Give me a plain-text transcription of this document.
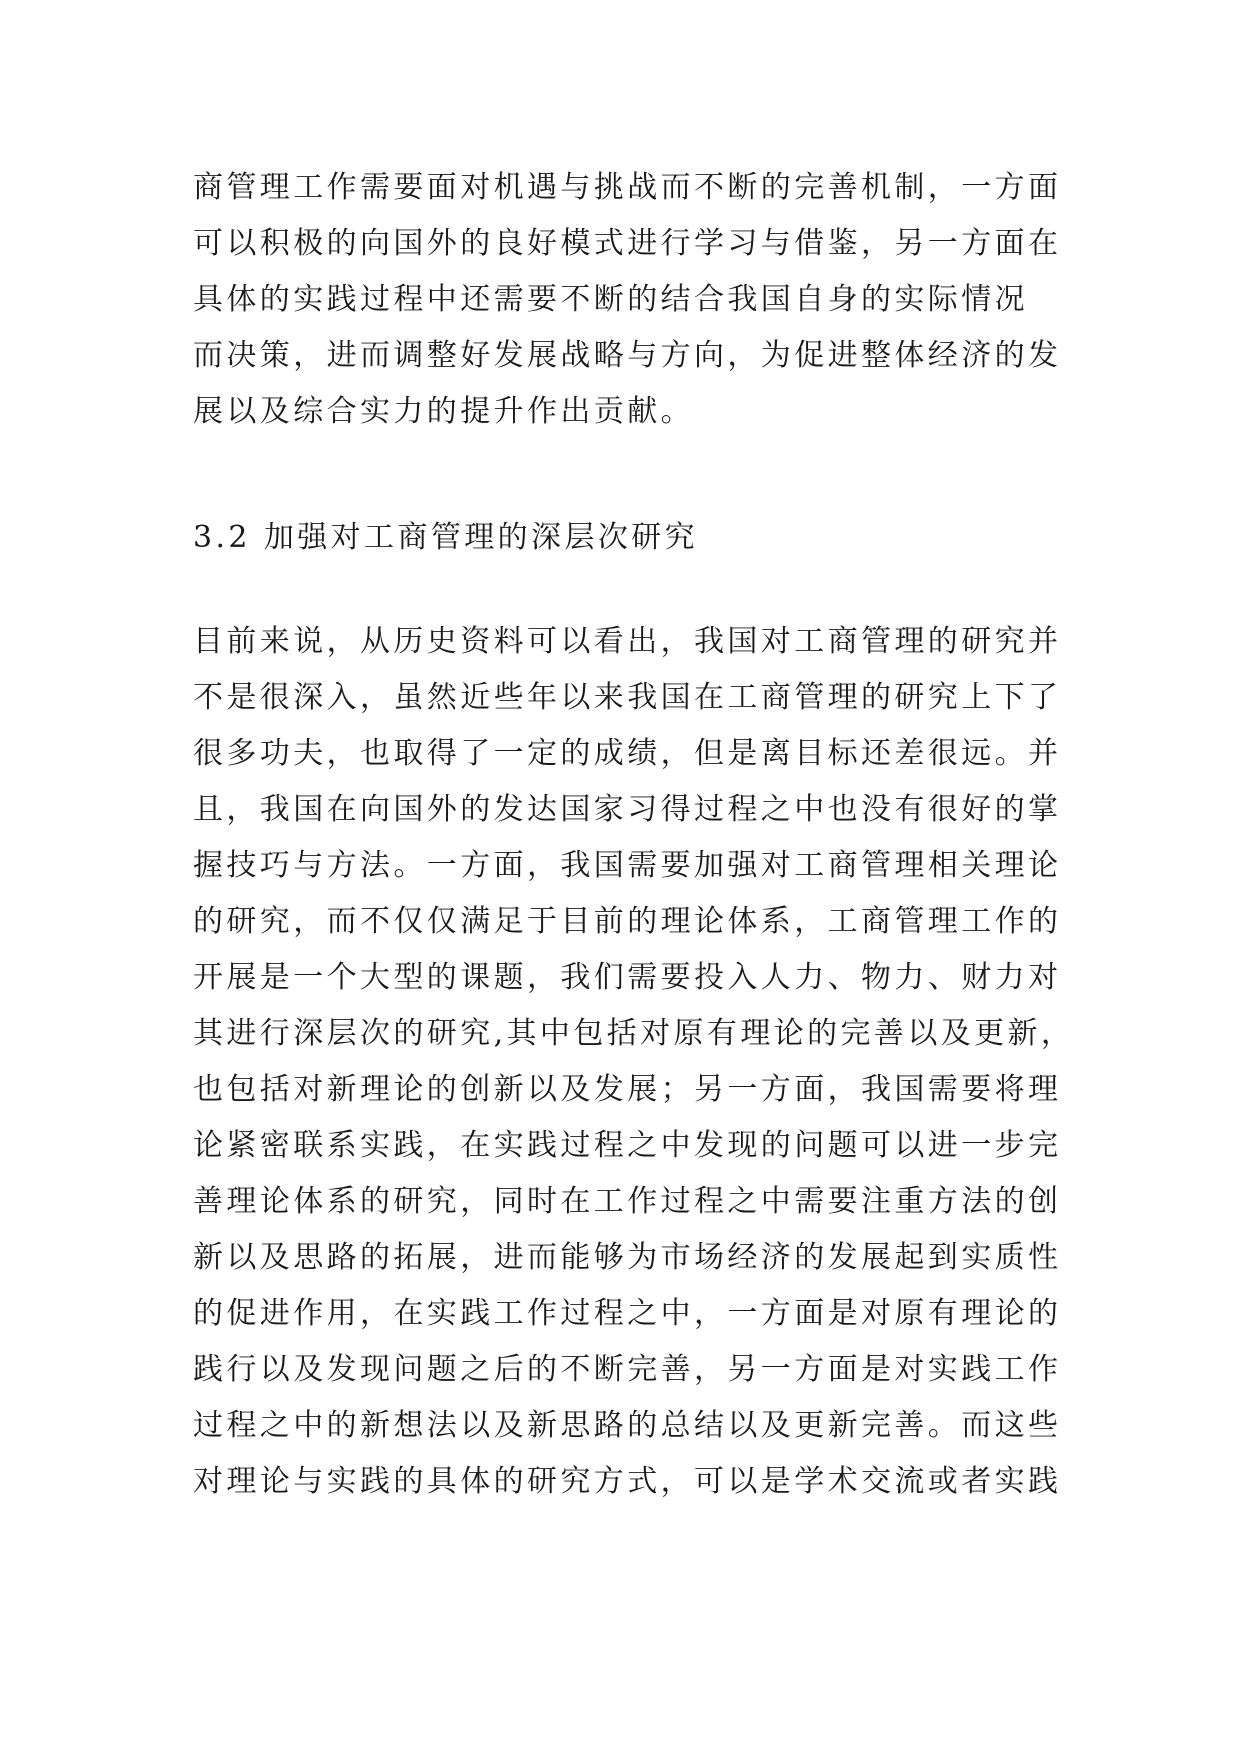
商管理工作需要面对机遇与挑战而不断的完善机制，一方面
可以积极的向国外的良好模式进行学习与借鉴，另一方面在
具体的实践过程中还需要不断的结合我国自身的实际情况
而决策，进而调整好发展战略与方向，为促进整体经济的发
展以及综合实力的提升作出贡献。
3.2 加强对工商管理的深层次研究
目前来说，从历史资料可以看出，我国对工商管理的研究并
不是很深入，虽然近些年以来我国在工商管理的研究上下了
很多功夫，也取得了一定的成绩，但是离目标还差很远。并
且，我国在向国外的发达国家习得过程之中也没有很好的掌
握技巧与方法。一方面，我国需要加强对工商管理相关理论
的研究，而不仅仅满足于目前的理论体系，工商管理工作的
开展是一个大型的课题，我们需要投入人力、物力、财力对
其进行深层次的研究,其中包括对原有理论的完善以及更新，
也包括对新理论的创新以及发展；另一方面，我国需要将理
论紧密联系实践，在实践过程之中发现的问题可以进一步完
善理论体系的研究，同时在工作过程之中需要注重方法的创
新以及思路的拓展，进而能够为市场经济的发展起到实质性
的促进作用，在实践工作过程之中，一方面是对原有理论的
践行以及发现问题之后的不断完善，另一方面是对实践工作
过程之中的新想法以及新思路的总结以及更新完善。而这些
对理论与实践的具体的研究方式，可以是学术交流或者实践
